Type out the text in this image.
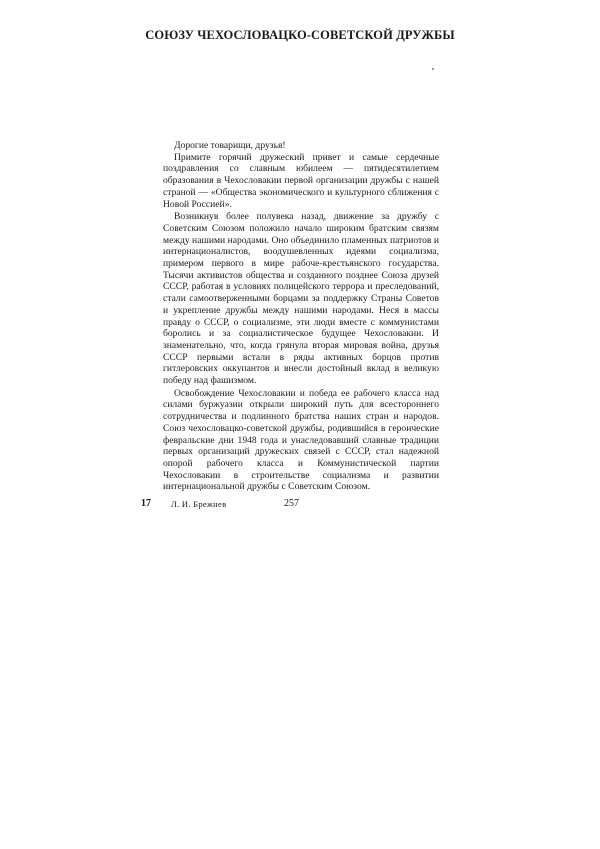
СОЮЗУ ЧЕХОСЛОВАЦКО-СОВЕТСКОЙ ДРУЖБЫ

Дорогие товарищи, друзья!

Примите горячий дружеский привет и самые сердечные поздравления со славным юбилеем — пятидесятилетием образования в Чехословакии первой организации дружбы с нашей страной — «Общества экономического и культурного сближения с Новой Россией».

Возникнув более полувека назад, движение за дружбу с Советским Союзом положило начало широким братским связям между нашими народами. Оно объединило пламенных патриотов и интернационалистов, воодушевленных идеями социализма, примером первого в мире рабоче-крестьянского государства. Тысячи активистов общества и созданного позднее Союза друзей СССР, работая в условиях полицейского террора и преследований, стали самоотверженными борцами за поддержку Страны Советов и укрепление дружбы между нашими народами. Неся в массы правду о СССР, о социализме, эти люди вместе с коммунистами боролись и за социалистическое будущее Чехословакии. И знаменательно, что, когда грянула вторая мировая война, друзья СССР первыми встали в ряды активных борцов против гитлеровских оккупантов и внесли достойный вклад в великую победу над фашизмом.

Освобождение Чехословакии и победа ее рабочего класса над силами буржуазии открыли широкий путь для всестороннего сотрудничества и подлинного братства наших стран и народов. Союз чехословацко-советской дружбы, родившийся в героические февральские дни 1948 года и унаследовавший славные традиции первых организаций дружеских связей с СССР, стал надежной опорой рабочего класса и Коммунистической партии Чехословакии в строительстве социализма и развитии интернациональной дружбы с Советским Союзом.

17 Л. И. Брежнев	257
